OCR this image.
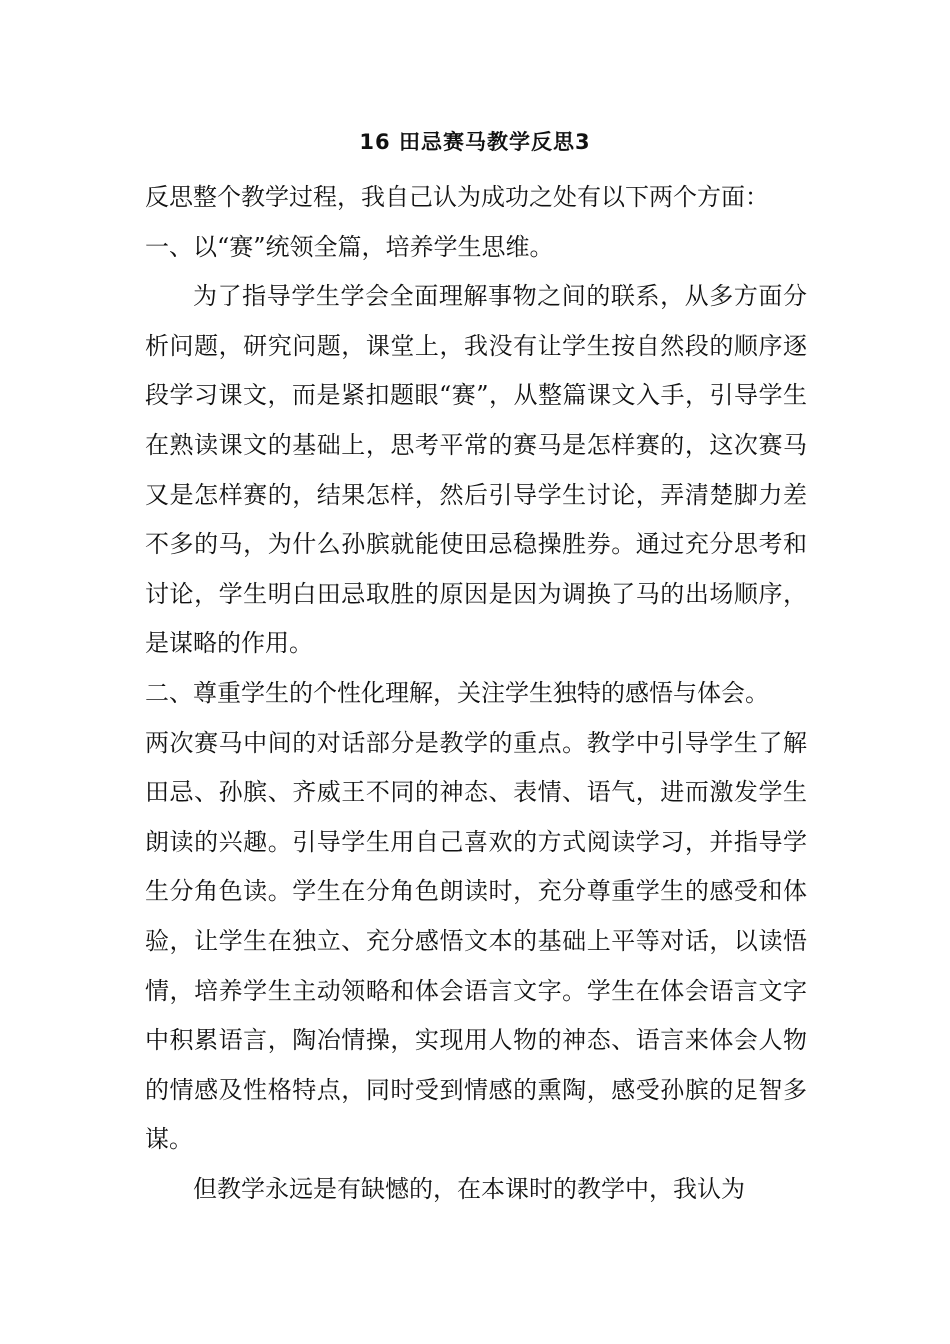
16 田忌赛马教学反思3

反思整个教学过程，我自己认为成功之处有以下两个方面：

一、以“赛”统领全篇，培养学生思维。

为了指导学生学会全面理解事物之间的联系，从多方面分析问题，研究问题，课堂上，我没有让学生按自然段的顺序逐段学习课文，而是紧扣题眼“赛”，从整篇课文入手，引导学生在熟读课文的基础上，思考平常的赛马是怎样赛的，这次赛马又是怎样赛的，结果怎样，然后引导学生讨论，弄清楚脚力差不多的马，为什么孙膑就能使田忌稳操胜券。通过充分思考和讨论，学生明白田忌取胜的原因是因为调换了马的出场顺序，是谋略的作用。

二、尊重学生的个性化理解，关注学生独特的感悟与体会。

两次赛马中间的对话部分是教学的重点。教学中引导学生了解田忌、孙膑、齐威王不同的神态、表情、语气，进而激发学生朗读的兴趣。引导学生用自己喜欢的方式阅读学习，并指导学生分角色读。学生在分角色朗读时，充分尊重学生的感受和体验，让学生在独立、充分感悟文本的基础上平等对话，以读悟情，培养学生主动领略和体会语言文字。学生在体会语言文字中积累语言，陶冶情操，实现用人物的神态、语言来体会人物的情感及性格特点，同时受到情感的熏陶，感受孙膑的足智多谋。

但教学永远是有缺憾的，在本课时的教学中，我认为
